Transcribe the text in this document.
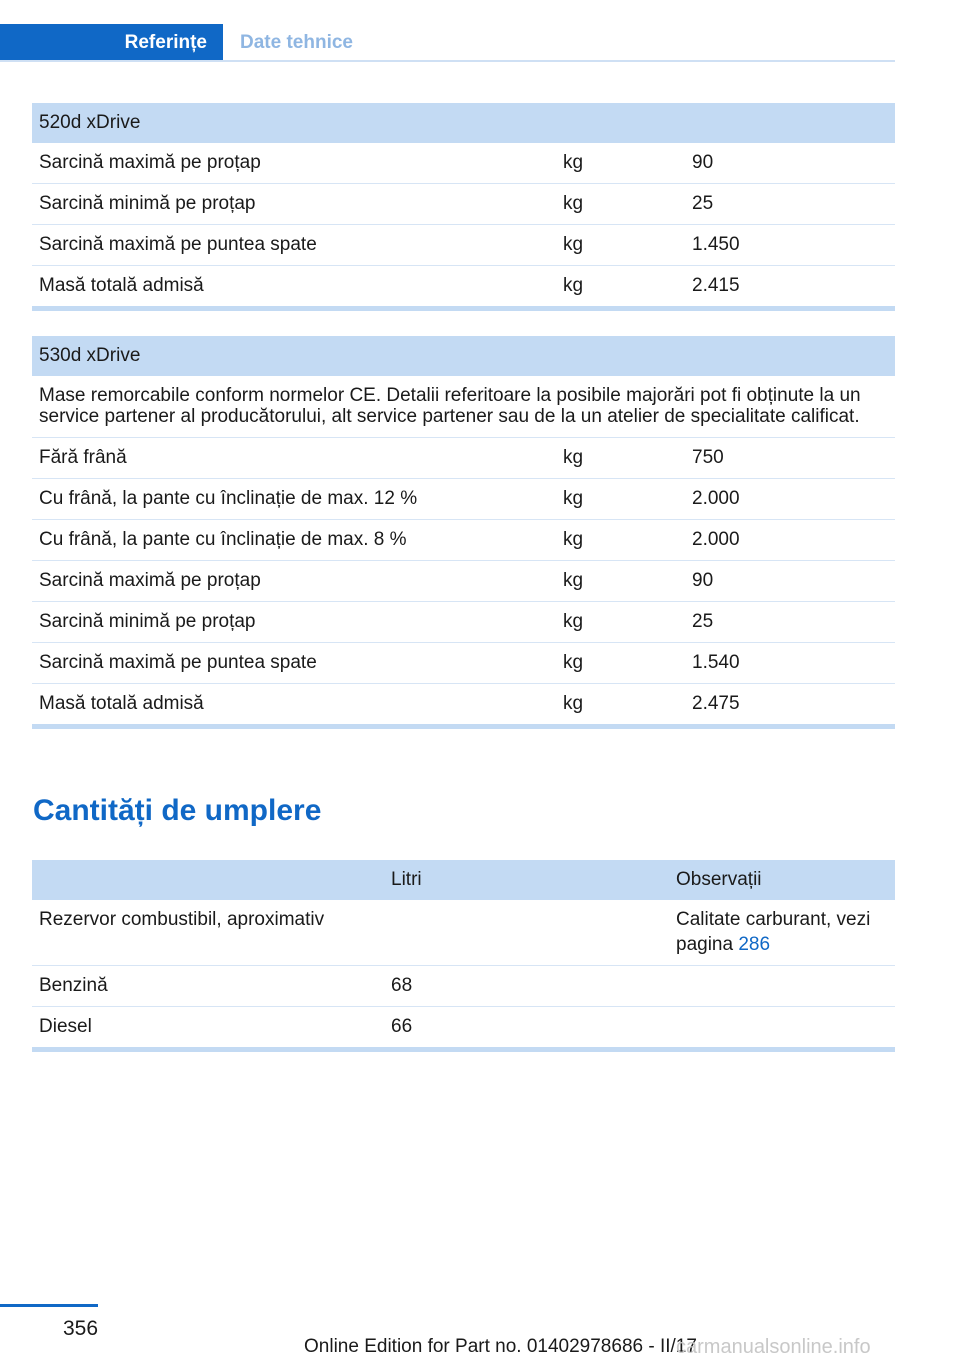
Referințe Date tehnice
520d xDrive		
Sarcină maximă pe proțap	kg	90
Sarcină minimă pe proțap	kg	25
Sarcină maximă pe puntea spate	kg	1.450
Masă totală admisă	kg	2.415
530d xDrive		
Mase remorcabile conform normelor CE. Detalii referitoare la posibile majorări pot fi obținute la un service partener al producătorului, alt service partener sau de la un atelier de specialitate calificat.		
Fără frână	kg	750
Cu frână, la pante cu înclinație de max. 12 %	kg	2.000
Cu frână, la pante cu înclinație de max. 8 %	kg	2.000
Sarcină maximă pe proțap	kg	90
Sarcină minimă pe proțap	kg	25
Sarcină maximă pe puntea spate	kg	1.540
Masă totală admisă	kg	2.475
Cantități de umplere
	Litri	Observații
Rezervor combustibil, aproximativ		Calitate carburant, vezi pagina 286
Benzină	68	
Diesel	66	
356
Online Edition for Part no. 01402978686 - II/17
carmanualsonline.info
